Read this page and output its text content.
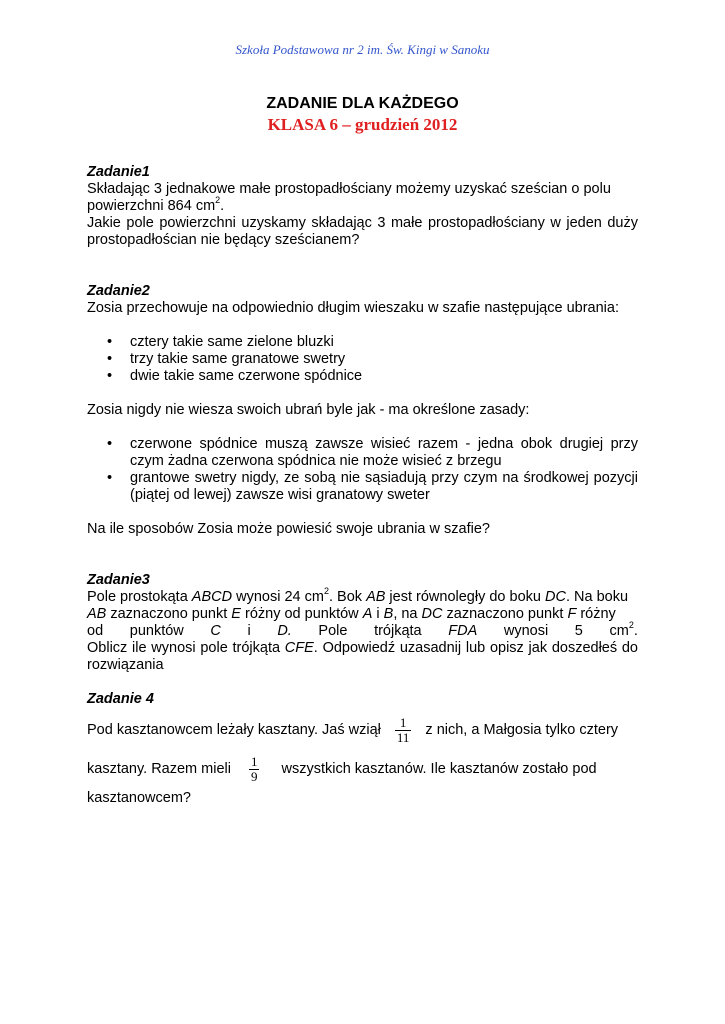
Szkoła Podstawowa nr 2 im. Św. Kingi w Sanoku
ZADANIE DLA KAŻDEGO
KLASA 6 – grudzień 2012
Zadanie1

Składając 3 jednakowe małe prostopadłościany możemy uzyskać sześcian o polu

powierzchni 864 $cm^2$.

Jakie pole powierzchni uzyskamy składając 3 małe prostopadłościany w jeden duży prostopadłościan nie będący sześcianem?

Zadanie2

Zosia przechowuje na odpowiednio długim wieszaku w szafie następujące ubrania:

• cztery takie same zielone bluzki
• trzy takie same granatowe swetry
• dwie takie same czerwone spódnice

Zosia nigdy nie wiesza swoich ubrań byle jak - ma określone zasady:

• czerwone spódnice muszą zawsze wisieć razem - jedna obok drugiej przy czym żadna czerwona spódnica nie może wisieć z brzegu
• grantowe swetry nigdy, ze sobą nie sąsiadują przy czym na środkowej pozycji (piątej od lewej) zawsze wisi granatowy sweter

Na ile sposobów Zosia może powiesić swoje ubrania w szafie?

Zadanie3

Pole prostokąta ABCD wynosi 24 $cm^2$. Bok AB jest równoległy do boku DC. Na boku

AB zaznaczono punkt E różny od punktów A i B, na DC zaznaczono punkt F różny

od punktów C i D. Pole trójkąta FDA wynosi 5 $cm^2$.

Oblicz ile wynosi pole trójkąta CFE. Odpowiedź uzasadnij lub opisz jak doszedłeś do rozwiązania

Zadanie 4
Pod kasztanowcem leżały kasztany. Jaś wziął $\frac{1}{11}$ z nich, a Małgosia tylko cztery
kasztany. Razem mieli $\frac{1}{9}$ wszystkich kasztanów. Ile kasztanów zostało pod

kasztanowcem?
